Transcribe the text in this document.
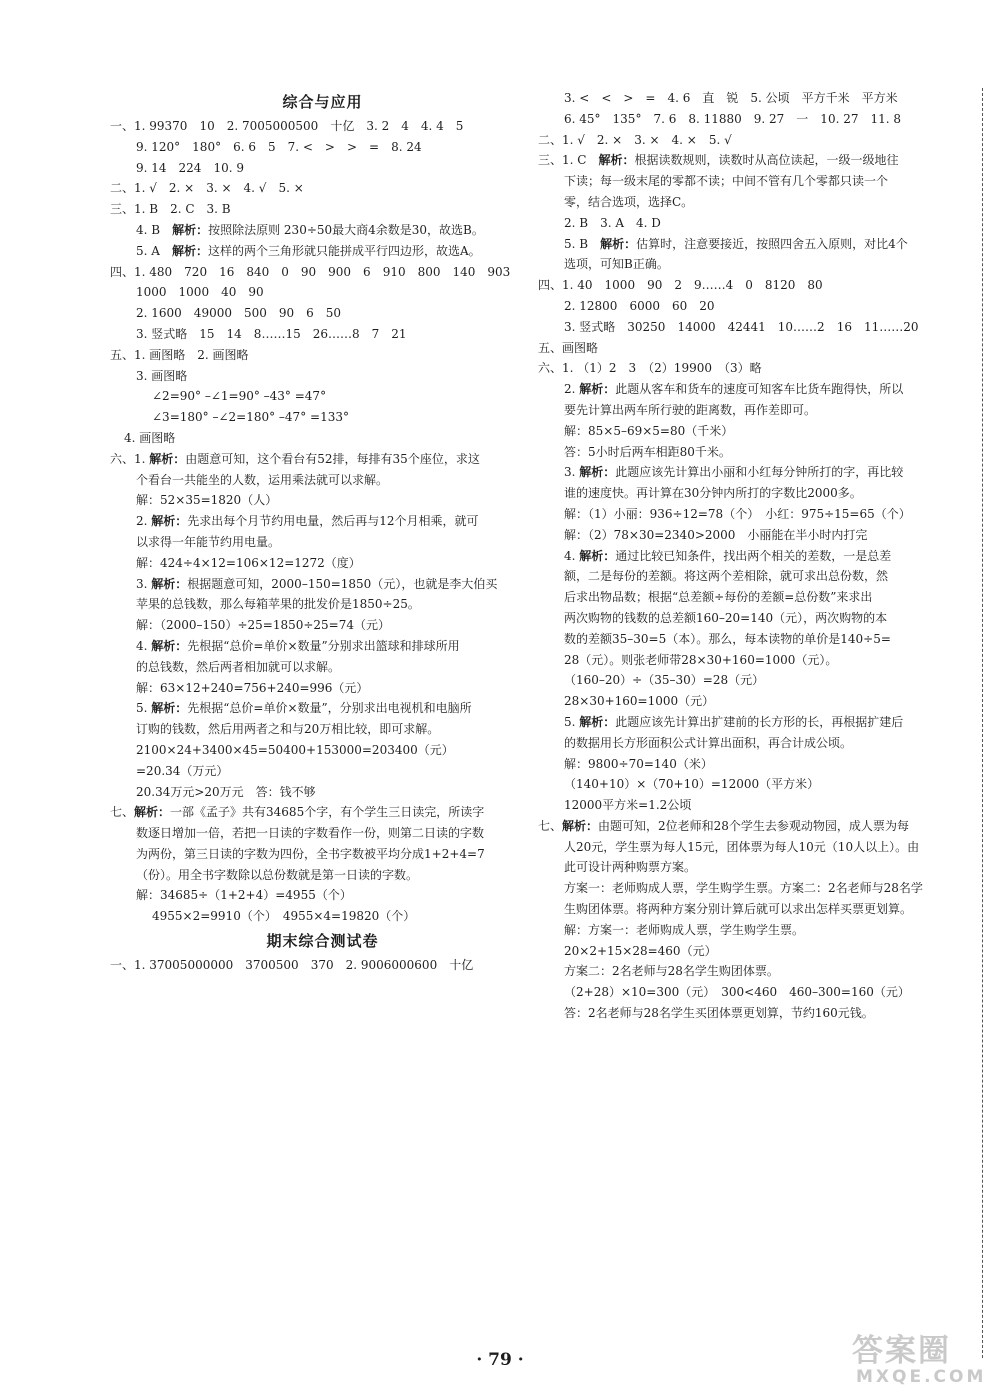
综合与应用
一、1. 99370　10　2. 7005000500　十亿　3. 2　4　4. 4　5
9. 120°　180°　6. 6　5　7. <　>　>　=　8. 24
9. 14　224　10. 9
二、1. √　2. ×　3. ×　4. √　5. ×
三、1. B　2. C　3. B
4. B　解析：按照除法原则 230÷50最大商4余数是30，故选B。
5. A　解析：这样的两个三角形就只能拼成平行四边形，故选A。
四、1. 480　720　16　840　0　90　900　6　910　800　140　903
1000　1000　40　90
2. 1600　49000　500　90　6　50
3. 竖式略　15　14　8……15　26……8　7　21
五、1. 画图略　2. 画图略
3. 画图略
∠2=90° –∠1=90° –43° =47°
∠3=180° –∠2=180° –47° =133°
4. 画图略
六、1. 解析：由题意可知，这个看台有52排，每排有35个座位，求这
个看台一共能坐的人数，运用乘法就可以求解。
解：52×35=1820（人）
2. 解析：先求出每个月节约用电量，然后再与12个月相乘，就可
以求得一年能节约用电量。
解：424÷4×12=106×12=1272（度）
3. 解析：根据题意可知，2000–150=1850（元），也就是李大伯买
苹果的总钱数，那么每箱苹果的批发价是1850÷25。
解：（2000–150）÷25=1850÷25=74（元）
4. 解析：先根据“总价=单价×数量”分别求出篮球和排球所用
的总钱数，然后两者相加就可以求解。
解：63×12+240=756+240=996（元）
5. 解析：先根据“总价=单价×数量”，分别求出电视机和电脑所
订购的钱数，然后用两者之和与20万相比较，即可求解。
2100×24+3400×45=50400+153000=203400（元）
=20.34（万元）
20.34万元>20万元　答：钱不够
七、解析：一部《孟子》共有34685个字，有个学生三日读完，所读字
数逐日增加一倍，若把一日读的字数看作一份，则第二日读的字数
为两份，第三日读的字数为四份，全书字数被平均分成1+2+4=7
（份）。用全书字数除以总份数就是第一日读的字数。
解：34685÷（1+2+4）=4955（个）
4955×2=9910（个）　4955×4=19820（个）
期末综合测试卷
一、1. 37005000000　3700500　370　2. 9006000600　十亿
3. <　<　>　=　4. 6　直　锐　5. 公顷　平方千米　平方米
6. 45°　135°　7. 6　8. 11880　9. 27　一　10. 27　11. 8
二、1. √　2. ×　3. ×　4. ×　5. √
三、1. C　解析：根据读数规则，读数时从高位读起，一级一级地往
下读；每一级末尾的零都不读；中间不管有几个零都只读一个
零，结合选项，选择C。
2. B　3. A　4. D
5. B　解析：估算时，注意要接近，按照四舍五入原则，对比4个
选项，可知B正确。
四、1. 40　1000　90　2　9……4　0　8120　80
2. 12800　6000　60　20
3. 竖式略　30250　14000　42441　10……2　16　11……20
五、画图略
六、1. （1）2　3　（2）19900　（3）略
2. 解析：此题从客车和货车的速度可知客车比货车跑得快，所以
要先计算出两车所行驶的距离数，再作差即可。
解：85×5–69×5=80（千米）
答：5小时后两车相距80千米。
3. 解析：此题应该先计算出小丽和小红每分钟所打的字，再比较
谁的速度快。再计算在30分钟内所打的字数比2000多。
解：（1）小丽：936÷12=78（个）　小红：975÷15=65（个）
解：（2）78×30=2340>2000　小丽能在半小时内打完
4. 解析：通过比较已知条件，找出两个相关的差数，一是总差
额，二是每份的差额。将这两个差相除，就可求出总份数，然
后求出物品数；根据“总差额÷每份的差额=总份数”来求出
两次购物的钱数的总差额160–20=140（元），两次购物的本
数的差额35–30=5（本）。那么，每本读物的单价是140÷5=
28（元）。则张老师带28×30+160=1000（元）。
（160–20）÷（35–30）=28（元）
28×30+160=1000（元）
5. 解析：此题应该先计算出扩建前的长方形的长，再根据扩建后
的数据用长方形面积公式计算出面积，再合计成公顷。
解：9800÷70=140（米）
（140+10）×（70+10）=12000（平方米）
12000平方米=1.2公顷
七、解析：由题可知，2位老师和28个学生去参观动物园，成人票为每
人20元，学生票为每人15元，团体票为每人10元（10人以上）。由
此可设计两种购票方案。
方案一：老师购成人票，学生购学生票。方案二：2名老师与28名学
生购团体票。将两种方案分别计算后就可以求出怎样买票更划算。
解：方案一：老师购成人票，学生购学生票。
20×2+15×28=460（元）
方案二：2名老师与28名学生购团体票。
（2+28）×10=300（元）　300<460　460–300=160（元）
答：2名老师与28名学生买团体票更划算，节约160元钱。
· 79 ·	答案圈
MXQE.COM
